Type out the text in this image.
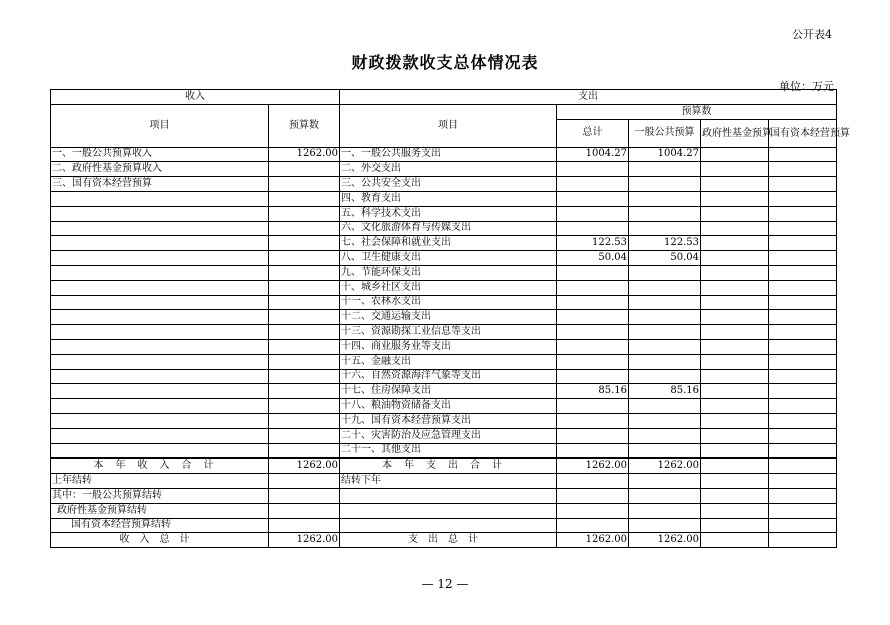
公开表4
财政拨款收支总体情况表
单位：万元
收入		支出				
项目	预算数	项目	预算数			
			总计	一般公共预算	政府性基金预算	国有资本经营预算
一、一般公共预算收入	1262.00	一、一般公共服务支出	1004.27	1004.27		
二、政府性基金预算收入		二、外交支出				
三、国有资本经营预算		三、公共安全支出				
		四、教育支出				
		五、科学技术支出				
		六、文化旅游体育与传媒支出				
		七、社会保障和就业支出	122.53	122.53		
		八、卫生健康支出	50.04	50.04		
		九、节能环保支出				
		十、城乡社区支出				
		十一、农林水支出				
		十二、交通运输支出				
		十三、资源勘探工业信息等支出				
		十四、商业服务业等支出				
		十五、金融支出				
		十六、自然资源海洋气象等支出				
		十七、住房保障支出	85.16	85.16		
		十八、粮油物资储备支出				
		十九、国有资本经营预算支出				
		二十、灾害防治及应急管理支出				
		二十一、其他支出				
本年收入合计	1262.00	本年支出合计	1262.00	1262.00		
上年结转		结转下年				
其中：一般公共预算结转						
政府性基金预算结转						
国有资本经营预算结转						
收入总计	1262.00	支出总计	1262.00	1262.00		
— 12 —
